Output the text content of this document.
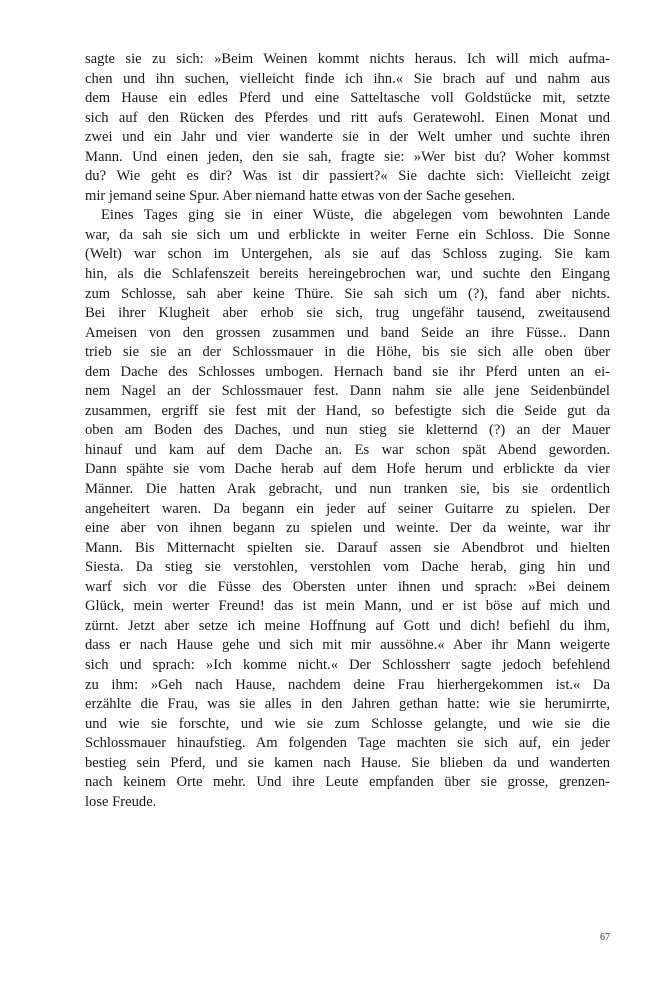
sagte sie zu sich: »Beim Weinen kommt nichts heraus. Ich will mich aufma-
chen und ihn suchen, vielleicht finde ich ihn.« Sie brach auf und nahm aus
dem Hause ein edles Pferd und eine Satteltasche voll Goldstücke mit, setzte
sich auf den Rücken des Pferdes und ritt aufs Geratewohl. Einen Monat und
zwei und ein Jahr und vier wanderte sie in der Welt umher und suchte ihren
Mann. Und einen jeden, den sie sah, fragte sie: »Wer bist du? Woher kommst
du? Wie geht es dir? Was ist dir passiert?« Sie dachte sich: Vielleicht zeigt
mir jemand seine Spur. Aber niemand hatte etwas von der Sache gesehen.
Eines Tages ging sie in einer Wüste, die abgelegen vom bewohnten Lande
war, da sah sie sich um und erblickte in weiter Ferne ein Schloss. Die Sonne
(Welt) war schon im Untergehen, als sie auf das Schloss zuging. Sie kam
hin, als die Schlafenszeit bereits hereingebrochen war, und suchte den Eingang
zum Schlosse, sah aber keine Thüre. Sie sah sich um (?), fand aber nichts.
Bei ihrer Klugheit aber erhob sie sich, trug ungefähr tausend, zweitausend
Ameisen von den grossen zusammen und band Seide an ihre Füsse.. Dann
trieb sie sie an der Schlossmauer in die Höhe, bis sie sich alle oben über
dem Dache des Schlosses umbogen. Hernach band sie ihr Pferd unten an ei-
nem Nagel an der Schlossmauer fest. Dann nahm sie alle jene Seidenbündel
zusammen, ergriff sie fest mit der Hand, so befestigte sich die Seide gut da
oben am Boden des Daches, und nun stieg sie kletternd (?) an der Mauer
hinauf und kam auf dem Dache an. Es war schon spät Abend geworden.
Dann spähte sie vom Dache herab auf dem Hofe herum und erblickte da vier
Männer. Die hatten Arak gebracht, und nun tranken sie, bis sie ordentlich
angeheitert waren. Da begann ein jeder auf seiner Guitarre zu spielen. Der
eine aber von ihnen begann zu spielen und weinte. Der da weinte, war ihr
Mann. Bis Mitternacht spielten sie. Darauf assen sie Abendbrot und hielten
Siesta. Da stieg sie verstohlen, verstohlen vom Dache herab, ging hin und
warf sich vor die Füsse des Obersten unter ihnen und sprach: »Bei deinem
Glück, mein werter Freund! das ist mein Mann, und er ist böse auf mich und
zürnt. Jetzt aber setze ich meine Hoffnung auf Gott und dich! befiehl du ihm,
dass er nach Hause gehe und sich mit mir aussöhne.« Aber ihr Mann weigerte
sich und sprach: »Ich komme nicht.« Der Schlossherr sagte jedoch befehlend
zu ihm: »Geh nach Hause, nachdem deine Frau hierhergekommen ist.« Da
erzählte die Frau, was sie alles in den Jahren gethan hatte: wie sie herumirrte,
und wie sie forschte, und wie sie zum Schlosse gelangte, und wie sie die
Schlossmauer hinaufstieg. Am folgenden Tage machten sie sich auf, ein jeder
bestieg sein Pferd, und sie kamen nach Hause. Sie blieben da und wanderten
nach keinem Orte mehr. Und ihre Leute empfanden über sie grosse, grenzen-
lose Freude.
67
